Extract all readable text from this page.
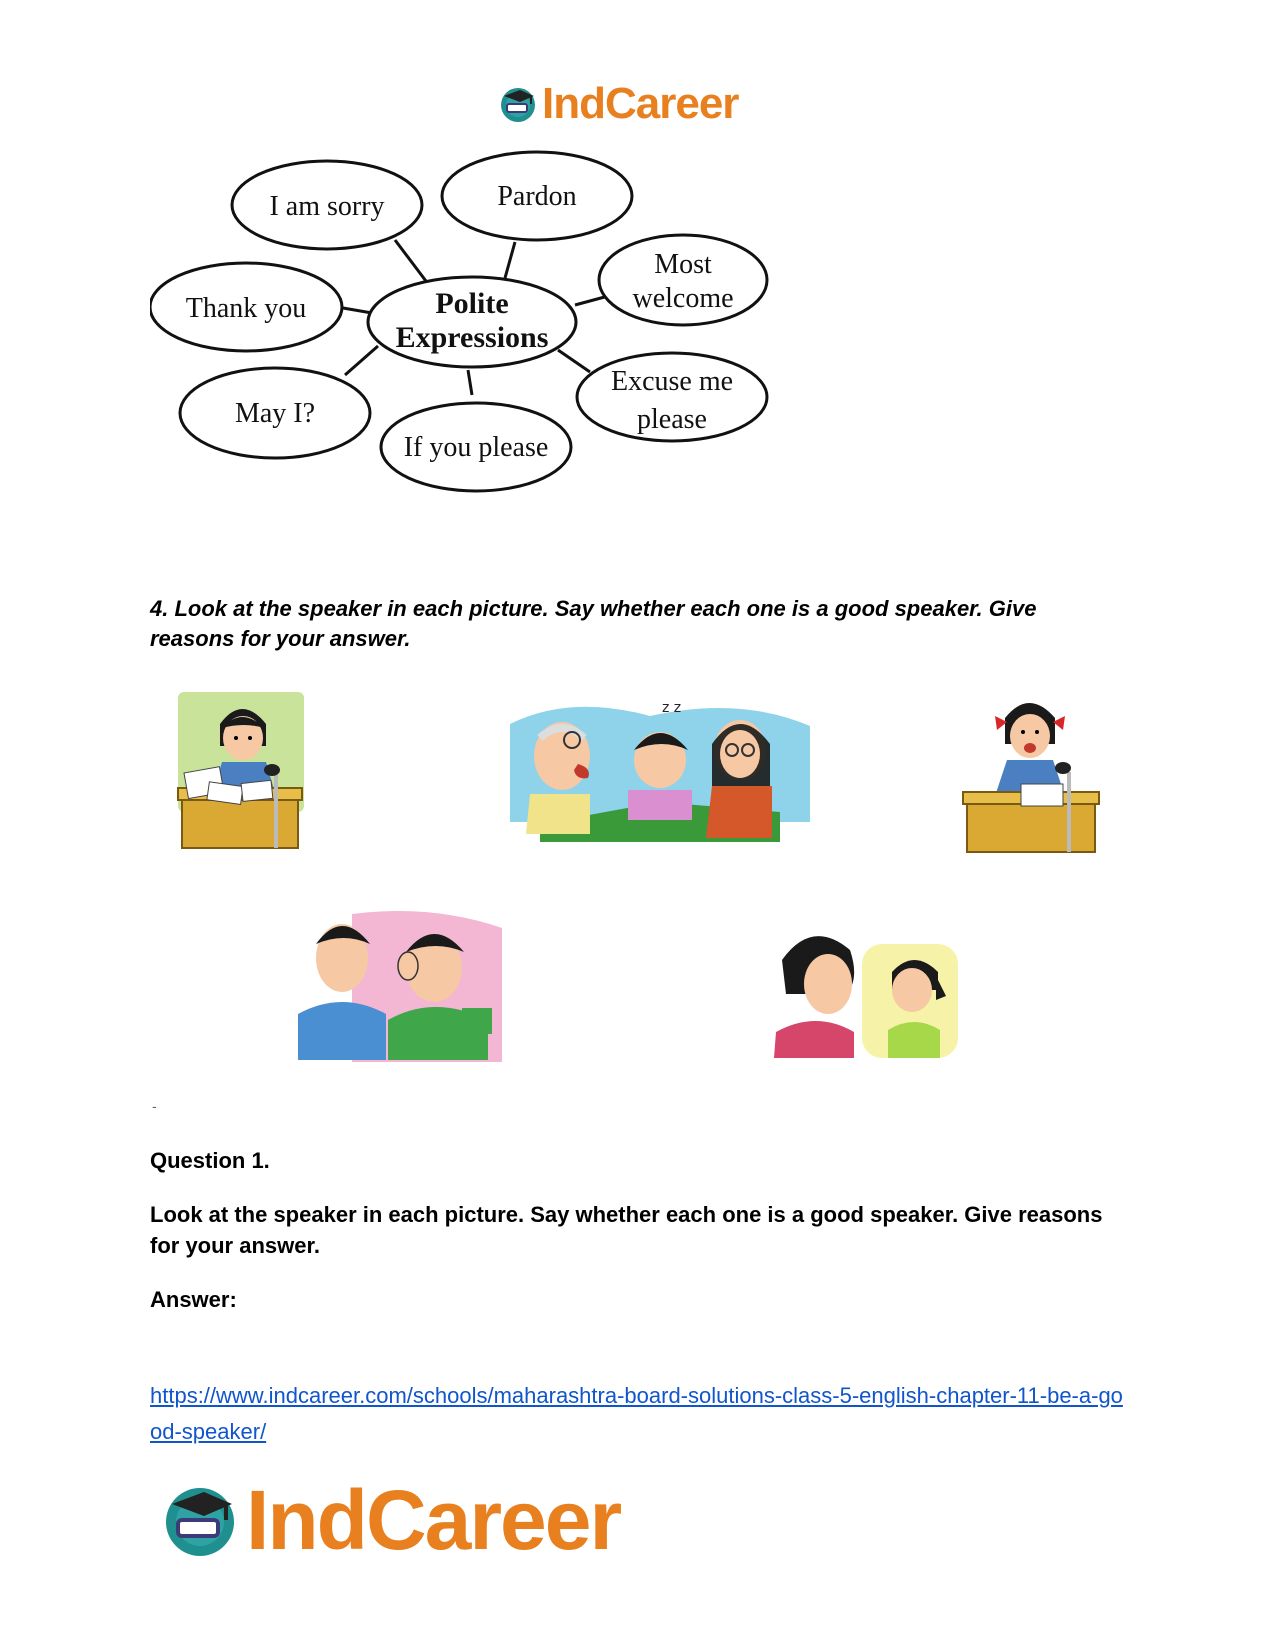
IndCareer
I am sorry	Pardon
Most
welcome
Thank you	Polite
Expressions
Excuse me
please
May I?
If you please
4. Look at the speaker in each picture. Say whether each one is a good speaker. Give reasons for your answer.
z z
-
Question 1.
Look at the speaker in each picture. Say whether each one is a good speaker. Give reasons for your answer.
Answer:
https://www.indcareer.com/schools/maharashtra-board-solutions-class-5-english-chapter-11-be-a-good-speaker/
IndCareer
